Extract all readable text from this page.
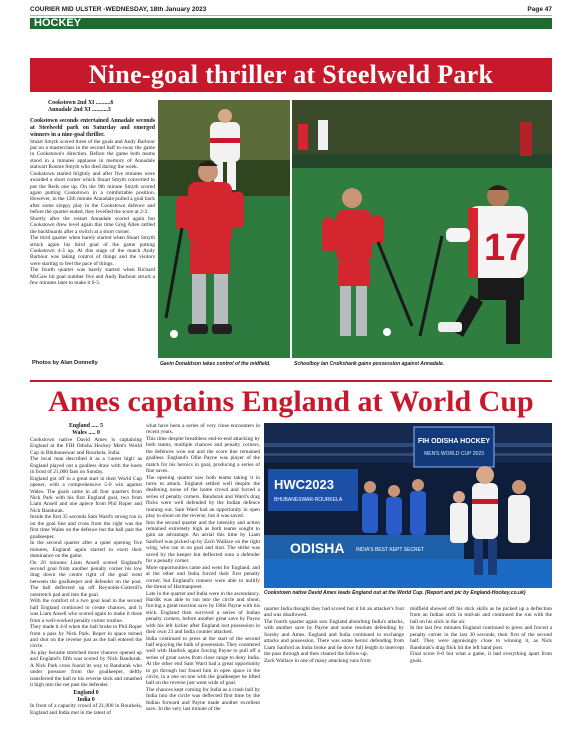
COURIER MID ULSTER -WEDNESDAY, 18th January 2023	Page 47
HOCKEY
Nine-goal thriller at Steelweld Park
Cookstown 2nd XI ..........6
Annadale 2nd XI ...........3

Cookstown seconds entertained Annadale seconds at Steelweld park on Saturday and emerged winners in a nine-goal thriller.

Stuart Smyth scored three of the goals and Andy Barbour put on a masterclass in the second half to sway the game in Cookstown's direction. Before the game both teams stood in a minutes applause in memory of Annadale stalwart Ronnie Smyth who died during the week.

Cookstown started brightly and after five minutes were awarded a short corner which Stuart Smyth converted to put the Reds one up. On the 9th minute Smyth scored again putting Cookstown in a comfortable position. However, in the 12th minute Annadale pulled a goal back after some sloppy play in the Cookstown defence and before the quarter ended, they levelled the score at 2-2.

Shortly after the restart Annadale scored again but Cookstown drew level again this time Greg Allen rattled the backboards after a switch at a short corner.

The third quarter when barely started when Stuart Smyth struck again his third goal of the game putting Cookstown 4-3 up. At this stage of the match Andy Barbour was taking control of things and the visitors were starting to feel the pace of things.

The fourth quarter was barely started when Richard McGaw hit goal number five and Andy Barbour struck a few minutes later to make it 6-3.

Photos by Alan Donnelly
17
Gavin Donaldson takes control of the midfield.	Schoolboy Ian Cruikshank gains possession against Annadale.
Ames captains England at World Cup
England ..... 5
Wales ..... 0

Cookstown native David Ames is captaining England at the FIH Odisha Hockey Men's World Cup in Bhubaneswar and Rourkela, India.

The local man described it as a 'career high' as England played out a goalless draw with the hosts in front of 21,000 fans on Sunday.

England got off to a great start in their World Cup opener, with a comprehensive 5-0 win against Wales. The goals came in all four quarters from Nick Park with his first England goal, two from Liam Ansell and one apiece from Phil Roper and Nick Bandurak.

Inside the first 35 seconds Sam Ward's strong run in on the goal line and cross from the right was the first time Wales on the defence but the ball past the goalkeeper.

In the second quarter after a quiet opening five minutes, England again started to exert their dominance on the game.

On 20 minutes Liam Ansell scored England's second goal from another penalty corner his low drag down the centre right of the goal went between the goalkeeper and defender on the post. The ball deflected up off Reynolds-Cotterill's outstretch pad and into the goal.

With the comfort of a two goal lead in the second half England continued to create chances, and it was Liam Ansell who scored again to make it three from a well-worked penalty corner routine.

They made it 4-0 when the ball broke to Phil Roper from a pass by Nick Park. Roper in space turned and shot on the reverse just as the ball entered the circle.

As play became stretched more chances opened up and England's fifth was scored by Nick Bandurak. A Nick Park cross found its way to Bandurak who under pressure from the goalkeeper, deftly transferred the ball to his reverse stick and smashed it high into the net past the defender.

England 0
India 0

In front of a capacity crowd of 21,000 in Rourkela, England and India met in the latest of

what have been a series of very close encounters in recent years.

This time despite breathless end-to-end attacking by both teams, multiple chances and penalty corners, the defences won out and the score line remained goalless. England's Ollie Payne was player of the match for his heroics in goal, producing a series of fine saves.

The opening quarter saw both teams taking it in turns to attack. England settled well despite the deafening noise of the home crowd and forced a series of penalty corners. Bandurak and Ward's drag flicks were well defended by the Indian defence running out. Sam Ward had an opportunity in open play to shoot on the reverse, but it was saved.

Into the second quarter and the intensity and action remained extremely high as both teams sought to gain an advantage. An aerial this time by Liam Sanford was picked up by Zach Wallace on the right wing, who ran in on goal and shot. The strike was saved by the keeper but deflected onto a defender for a penalty corner.

More opportunities came and went for England, and at the other end India forced their first penalty corner, but England's runners were able to nullify the threat of Harmanpreet.

Late in the quarter and India were in the ascendancy. Hardik was able to run into the circle and shoot, forcing a great reaction save by Ollie Payne with his stick. England then survived a series of Indian penalty corners, before another great save by Payne with his left kicker after England lost possession in their own 23 and India counter attacked.

India continued to press at the start of the second half enjoying the bulk of possession. They countered well with Hardick again forcing Payne to pull off a series of great saves from close range to deny India. At the other end Sam Ward had a great opportunity to go through but found him in open space in the circle, in a one on one with the goalkeeper he lifted ball on the reverse just went wide of goal.

The chances kept coming for India as a crash ball by India into the circle was deflected first time by the Indian forward and Payne made another excellent save. In the very last minute of the

FIH ODISHA HOCKEY
MEN'S WORLD CUP 2023
HWC2023
BHUBANESWAR-ROURKELA
ODISHA INDIA'S BEST KEPT SECRET
Cookstown native David Ames leads England out at the World Cup. (Report and pic by England-Hockey.co.uk)

quarter India thought they had scored but it hit an attacker's foot and was disallowed.

The fourth quarter again saw England absorbing India's attacks, with another save by Payne and some resolute defending by Sorsby and Ames. England and India continued to exchange attacks and possession. There was some heroic defending from Liam Sanford as India broke and he dove full length to intercept the pass through and then cleared the follow-up.

Zack Wallace in one of many attacking runs from

midfield showed off his stick skills as he picked up a deflection from an Indian stick in mid-air and continued the run with the ball on his stick in the air.

In the last few minutes England continued to press and forced a penalty corner in the last 30 seconds, their first of the second half. They were agonisingly close to winning it, as Nick Bandurak's drag flick hit the left hand post.

Final score 0-0 but what a game, it had everything apart from goals.
